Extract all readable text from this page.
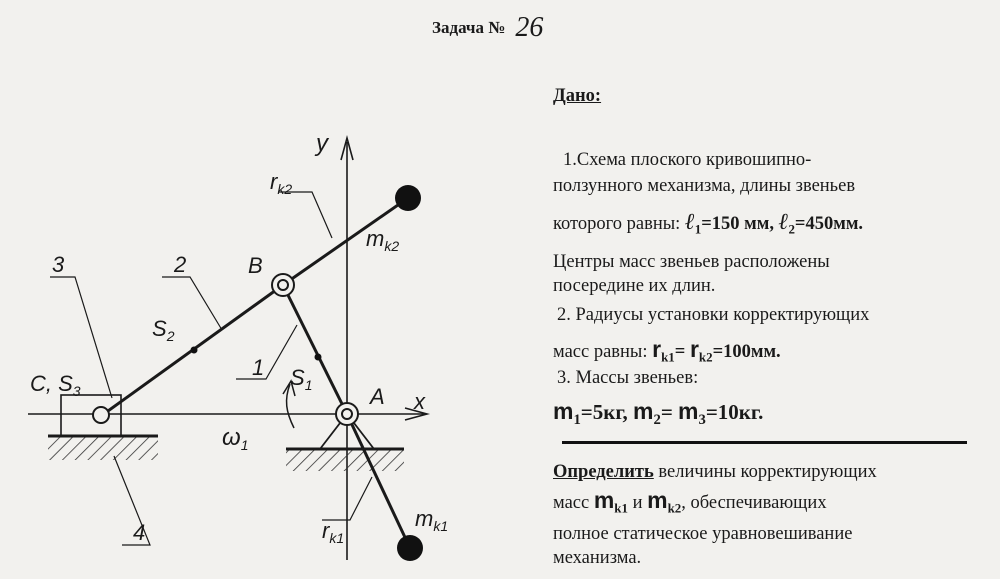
Задача № 26
y
x
B
A
C, $S_3$
$r_{k2}$
$m_{k2}$
$S_2$
$S_1$
$\omega_1$
$r_{k1}$
$m_{k1}$
1
2
3
4
Дано:
1.Схема плоского кривошипно-
ползунного механизма, длины звеньев
которого равны: ℓ$_1$=150 мм, ℓ$_2$=450мм.
Центры масс звеньев расположены
посередине их длин.
2. Радиусы установки корректирующих
масс равны: $r_{k1}= r_{k2}=100мм$.
3. Массы звеньев:
$m_1=5кг$, $m_2= m_3=10кг$.
Определить величины корректирующих
масс $m_{k1}$ и $m_{k2}$, обеспечивающих
полное статическое уравновешивание
механизма.
